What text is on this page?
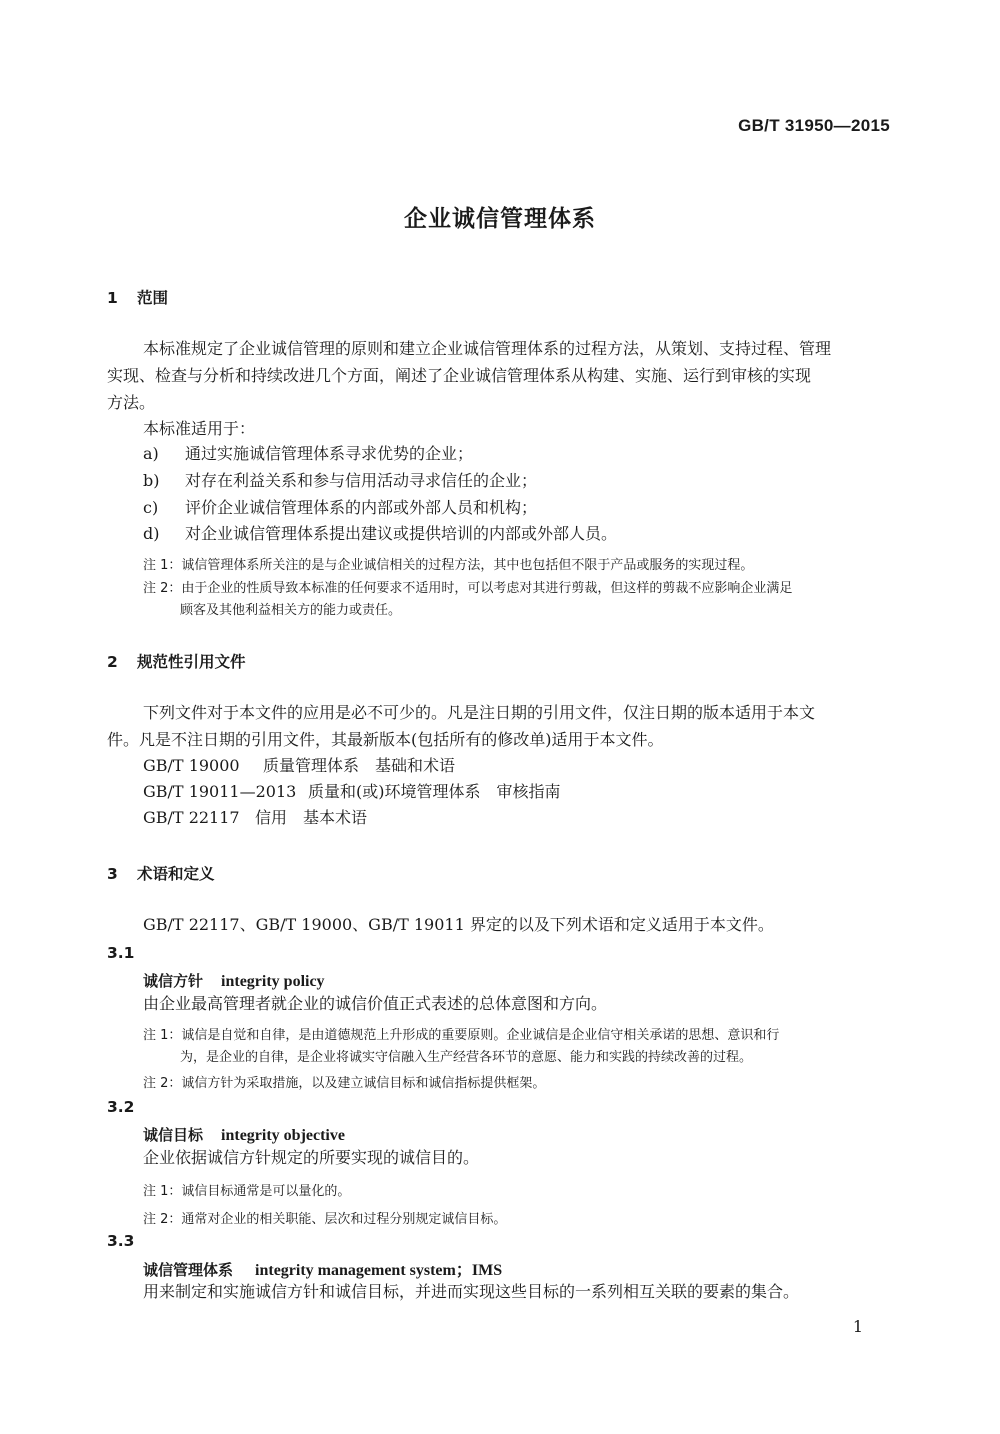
GB/T 31950—2015
企业诚信管理体系
1 范围
本标准规定了企业诚信管理的原则和建立企业诚信管理体系的过程方法，从策划、支持过程、管理
实现、检查与分析和持续改进几个方面，阐述了企业诚信管理体系从构建、实施、运行到审核的实现
方法。
本标准适用于：
a) 通过实施诚信管理体系寻求优势的企业；
b) 对存在利益关系和参与信用活动寻求信任的企业；
c) 评价企业诚信管理体系的内部或外部人员和机构；
d) 对企业诚信管理体系提出建议或提供培训的内部或外部人员。
注 1：诚信管理体系所关注的是与企业诚信相关的过程方法，其中也包括但不限于产品或服务的实现过程。
注 2：由于企业的性质导致本标准的任何要求不适用时，可以考虑对其进行剪裁，但这样的剪裁不应影响企业满足
顾客及其他利益相关方的能力或责任。
2 规范性引用文件
下列文件对于本文件的应用是必不可少的。凡是注日期的引用文件，仅注日期的版本适用于本文
件。凡是不注日期的引用文件，其最新版本(包括所有的修改单)适用于本文件。
GB/T 19000 质量管理体系　基础和术语
GB/T 19011—2013 质量和(或)环境管理体系　审核指南
GB/T 22117 信用　基本术语
3 术语和定义
GB/T 22117、GB/T 19000、GB/T 19011 界定的以及下列术语和定义适用于本文件。
3.1
诚信方针 integrity policy
由企业最高管理者就企业的诚信价值正式表述的总体意图和方向。
注 1：诚信是自觉和自律，是由道德规范上升形成的重要原则。企业诚信是企业信守相关承诺的思想、意识和行
为，是企业的自律，是企业将诚实守信融入生产经营各环节的意愿、能力和实践的持续改善的过程。
注 2：诚信方针为采取措施，以及建立诚信目标和诚信指标提供框架。
3.2
诚信目标 integrity objective
企业依据诚信方针规定的所要实现的诚信目的。
注 1：诚信目标通常是可以量化的。
注 2：通常对企业的相关职能、层次和过程分别规定诚信目标。
3.3
诚信管理体系 integrity management system；IMS
用来制定和实施诚信方针和诚信目标，并进而实现这些目标的一系列相互关联的要素的集合。
1
